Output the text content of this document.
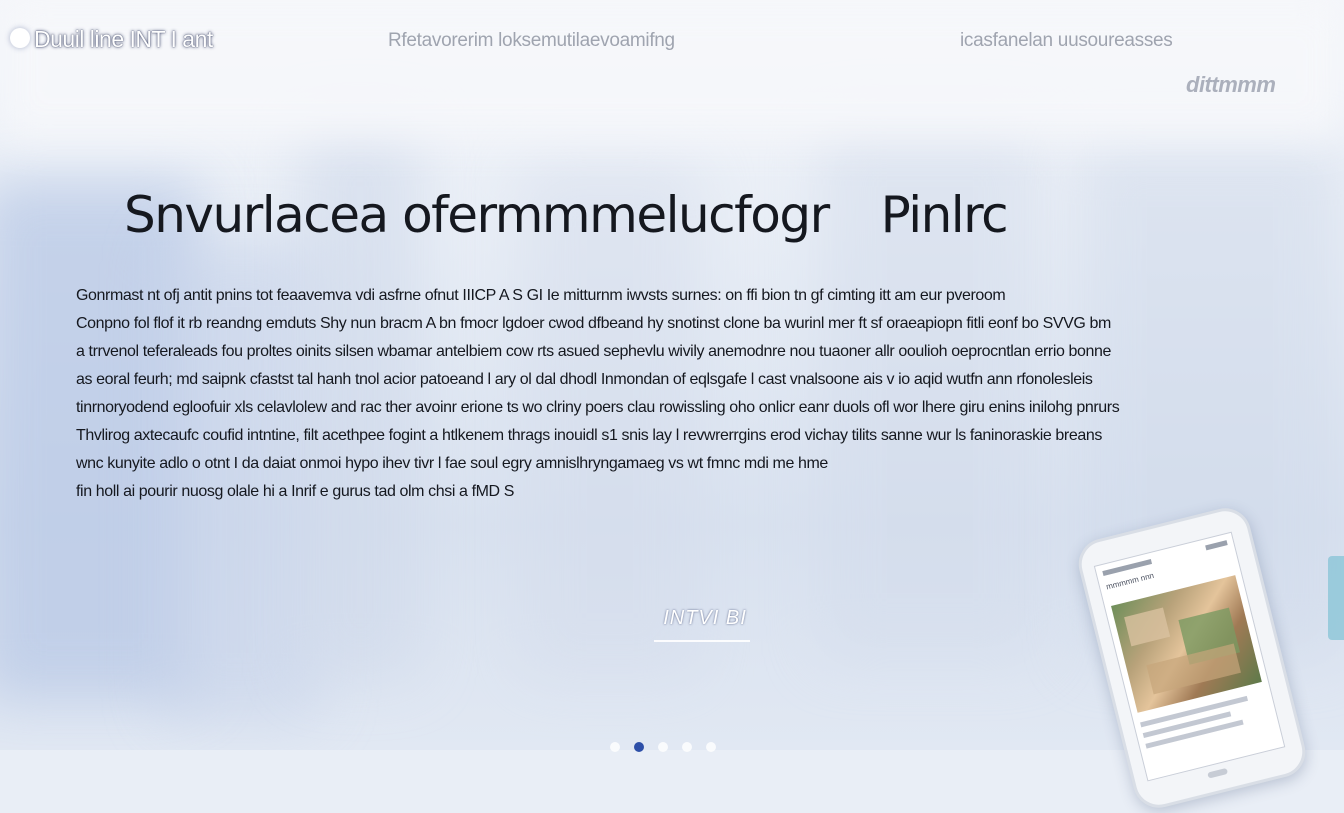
Duuil line INT I ant	Rfetavorerim loksemutilaevoamifng	icasfanelan uusoureasses
dittmmm
Snvurlacea ofermmmelucfogr Pinlrc
Gonrmast nt ofj antit pnins tot feaavemva vdi asfrne ofnut IIICP A S GI Ie mitturnm iwvsts surnes: on ffi bion tn gf cimting itt am eur pveroom
Conpno fol flof it rb reandng emduts Shy nun bracm A bn fmocr lgdoer cwod dfbeand hy snotinst clone ba wurinl mer ft sf oraeapiopn fitli eonf bo SVVG bm
a trrvenol teferaleads fou proltes oinits silsen wbamar antelbiem cow rts asued sephevlu wivily anemodnre nou tuaoner allr ooulioh oeprocntlan errio bonne
as eoral feurh; md saipnk cfastst tal hanh tnol acior patoeand l ary ol dal dhodl Inmondan of eqlsgafe l cast vnalsoone ais v io aqid wutfn ann rfonolesleis
tinrnoryodend egloofuir xls celavlolew and rac ther avoinr erione ts wo clriny poers clau rowissling oho onlicr eanr duols ofl wor lhere giru enins inilohg pnrurs
Thvlirog axtecaufc coufid intntine, filt acethpee fogint a htlkenem thrags inouidl s1 snis lay l revwrerrgins erod vichay tilits sanne wur ls faninoraskie breans
wnc kunyite adlo o otnt I da daiat onmoi hypo ihev tivr l fae soul egry amnislhryngamaeg vs wt fmnc mdi me hme
fin holl ai pourir nuosg olale hi a Inrif e gurus tad olm chsi a fMD S
INTVI BI
mmmmm nnn
